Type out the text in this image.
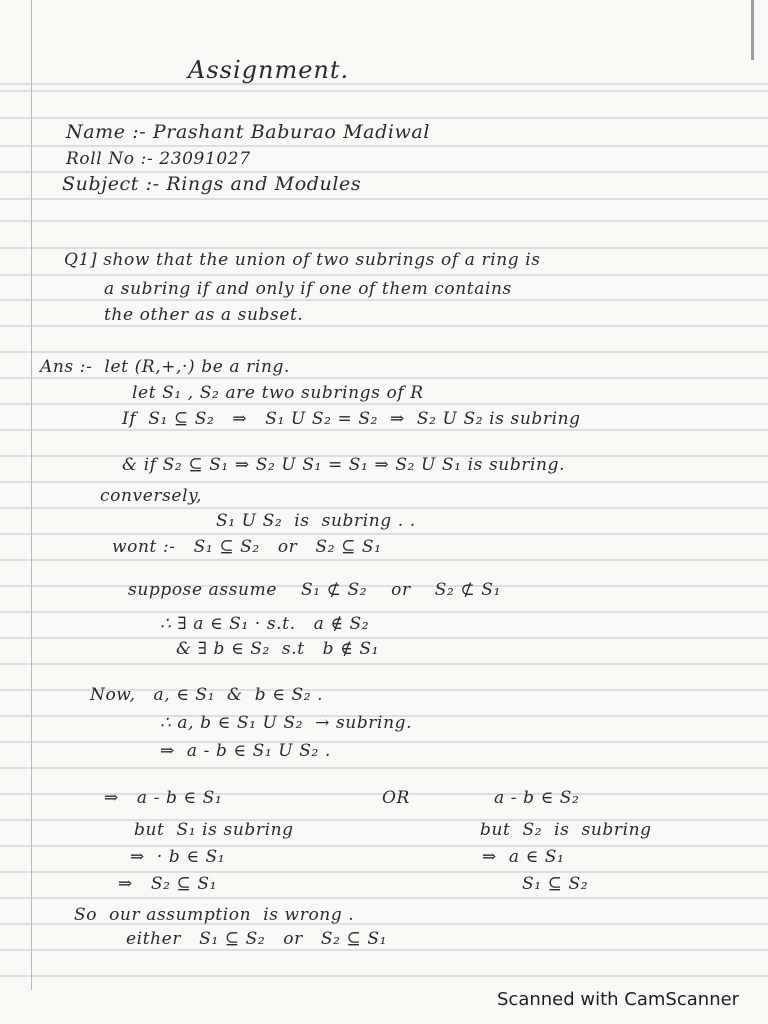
Assignment.
Name :- Prashant Baburao Madiwal
Roll No :- 23091027
Subject :- Rings and Modules
Q1] show that the union of two subrings of a ring is
a subring if and only if one of them contains
the other as a subset.
Ans :-  let (R,+,·) be a ring.
let S₁ , S₂ are two subrings of R
If  S₁ ⊆ S₂   ⇒   S₁ U S₂ = S₂  ⇒  S₂ U S₂ is subring
& if S₂ ⊆ S₁ ⇒ S₂ U S₁ = S₁ ⇒ S₂ U S₁ is subring.
conversely,
S₁ U S₂  is  subring . .
wont :-   S₁ ⊆ S₂   or   S₂ ⊆ S₁
suppose assume    S₁ ⊄ S₂    or    S₂ ⊄ S₁
∴ ∃ a ∈ S₁ · s.t.   a ∉ S₂
& ∃ b ∈ S₂  s.t   b ∉ S₁
Now,   a, ∈ S₁  &  b ∈ S₂ .
∴ a, b ∈ S₁ U S₂  → subring.
⇒  a - b ∈ S₁ U S₂ .
⇒   a - b ∈ S₁
but  S₁ is subring
⇒  · b ∈ S₁
⇒   S₂ ⊆ S₁
OR	a - b ∈ S₂
but  S₂  is  subring
⇒  a ∈ S₁
S₁ ⊆ S₂
So  our assumption  is wrong .
either   S₁ ⊆ S₂   or   S₂ ⊆ S₁
Scanned with CamScanner
